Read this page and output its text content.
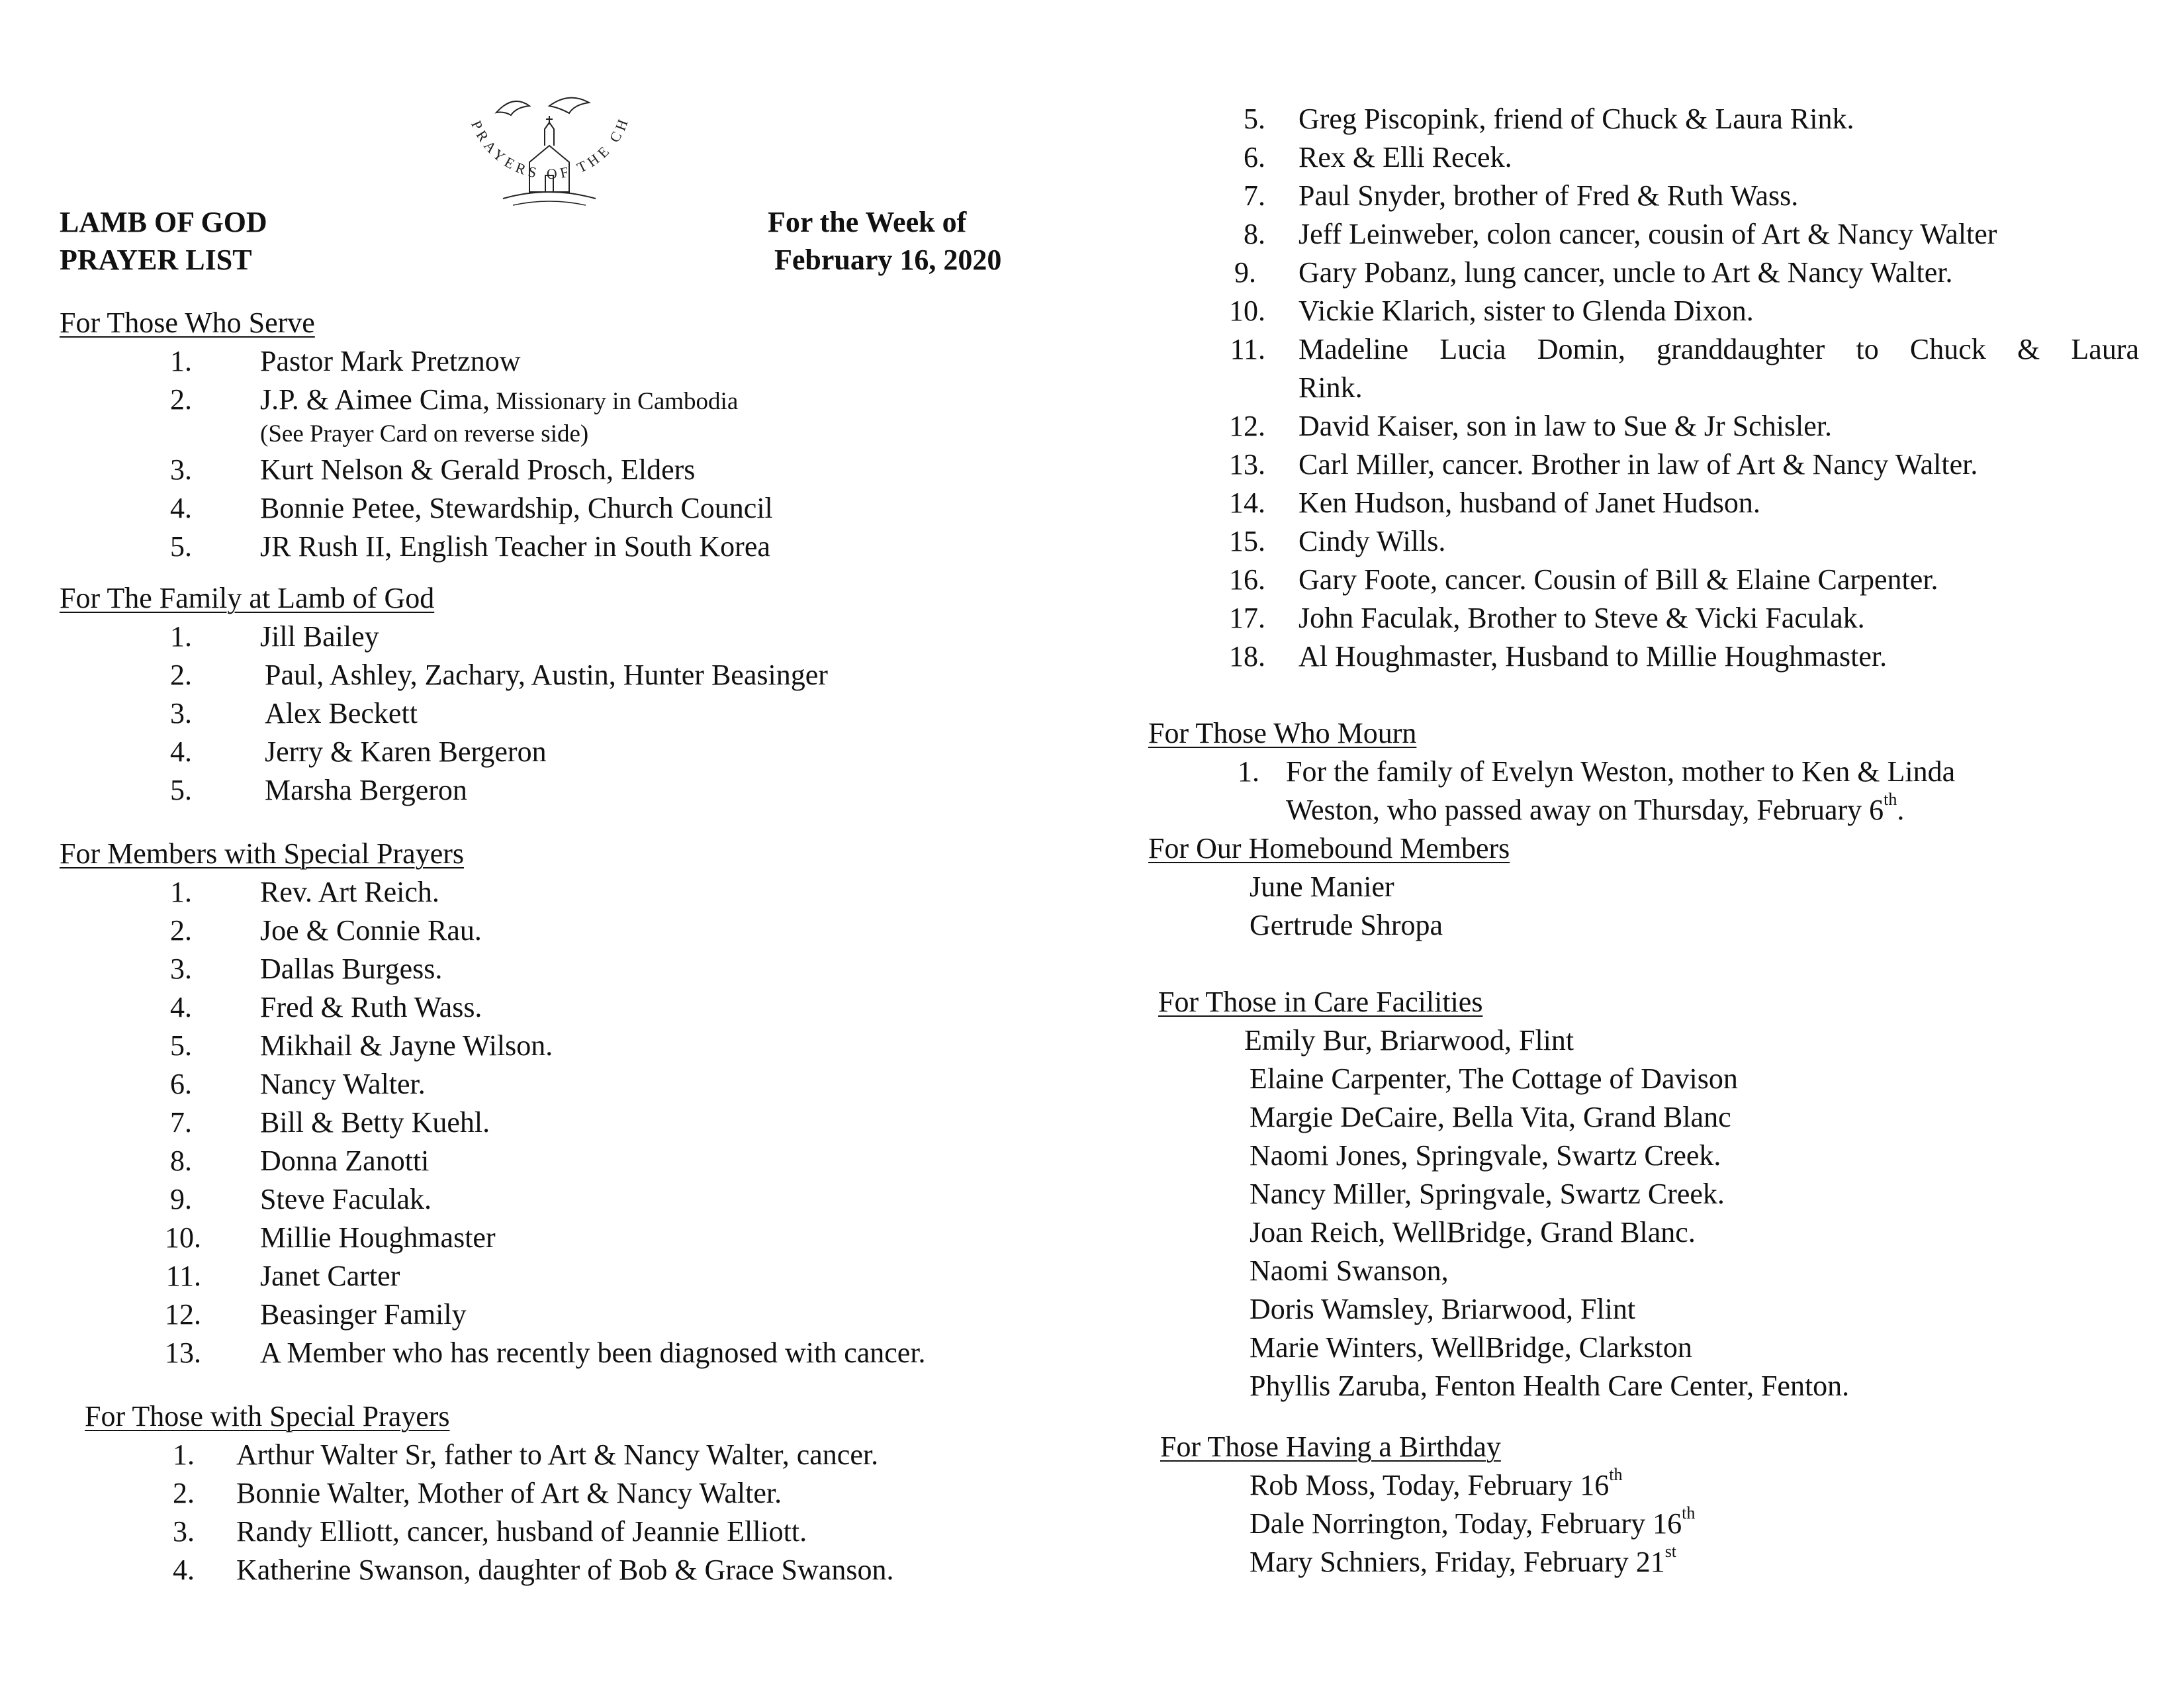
PRAYERS OF THE CH
LAMB OF GOD
PRAYER LIST
For the Week of
February 16, 2020
For Those Who Serve
1. Pastor Mark Pretznow
2. J.P. & Aimee Cima, Missionary in Cambodia
(See Prayer Card on reverse side)
3. Kurt Nelson & Gerald Prosch, Elders
4. Bonnie Petee, Stewardship, Church Council
5. JR Rush II, English Teacher in South Korea
For The Family at Lamb of God
1. Jill Bailey
2.	Paul, Ashley, Zachary, Austin, Hunter Beasinger
3.	Alex Beckett
4.	Jerry & Karen Bergeron
5.	Marsha Bergeron
For Members with Special Prayers
1. Rev. Art Reich.
2. Joe & Connie Rau.
3. Dallas Burgess.
4. Fred & Ruth Wass.
5. Mikhail & Jayne Wilson.
6. Nancy Walter.
7. Bill & Betty Kuehl.
8. Donna Zanotti
9. Steve Faculak.
10. Millie Houghmaster
11. Janet Carter
12. Beasinger Family
13. A Member who has recently been diagnosed with cancer.
For Those with Special Prayers
1. Arthur Walter Sr, father to Art & Nancy Walter, cancer.
2. Bonnie Walter, Mother of Art & Nancy Walter.
3. Randy Elliott, cancer, husband of Jeannie Elliott.
4. Katherine Swanson, daughter of Bob & Grace Swanson.
5. Greg Piscopink, friend of Chuck & Laura Rink.
6. Rex & Elli Recek.
7. Paul Snyder, brother of Fred & Ruth Wass.
8. Jeff Leinweber, colon cancer, cousin of Art & Nancy Walter
9. Gary Pobanz, lung cancer, uncle to Art & Nancy Walter.
10. Vickie Klarich, sister to Glenda Dixon.
11. Madeline Lucia Domin, granddaughter to Chuck & Laura
Rink.
12. David Kaiser, son in law to Sue & Jr Schisler.
13. Carl Miller, cancer. Brother in law of Art & Nancy Walter.
14. Ken Hudson, husband of Janet Hudson.
15. Cindy Wills.
16. Gary Foote, cancer. Cousin of Bill & Elaine Carpenter.
17. John Faculak, Brother to Steve & Vicki Faculak.
18. Al Houghmaster, Husband to Millie Houghmaster.
For Those Who Mourn
1. For the family of Evelyn Weston, mother to Ken & Linda
Weston, who passed away on Thursday, February 6th.
For Our Homebound Members
June Manier
Gertrude Shropa
For Those in Care Facilities
Emily Bur, Briarwood, Flint
Elaine Carpenter, The Cottage of Davison
Margie DeCaire, Bella Vita, Grand Blanc
Naomi Jones, Springvale, Swartz Creek.
Nancy Miller, Springvale, Swartz Creek.
Joan Reich, WellBridge, Grand Blanc.
Naomi Swanson,
Doris Wamsley, Briarwood, Flint
Marie Winters, WellBridge, Clarkston
Phyllis Zaruba, Fenton Health Care Center, Fenton.
For Those Having a Birthday
Rob Moss, Today, February 16th
Dale Norrington, Today, February 16th
Mary Schniers, Friday, February 21st
